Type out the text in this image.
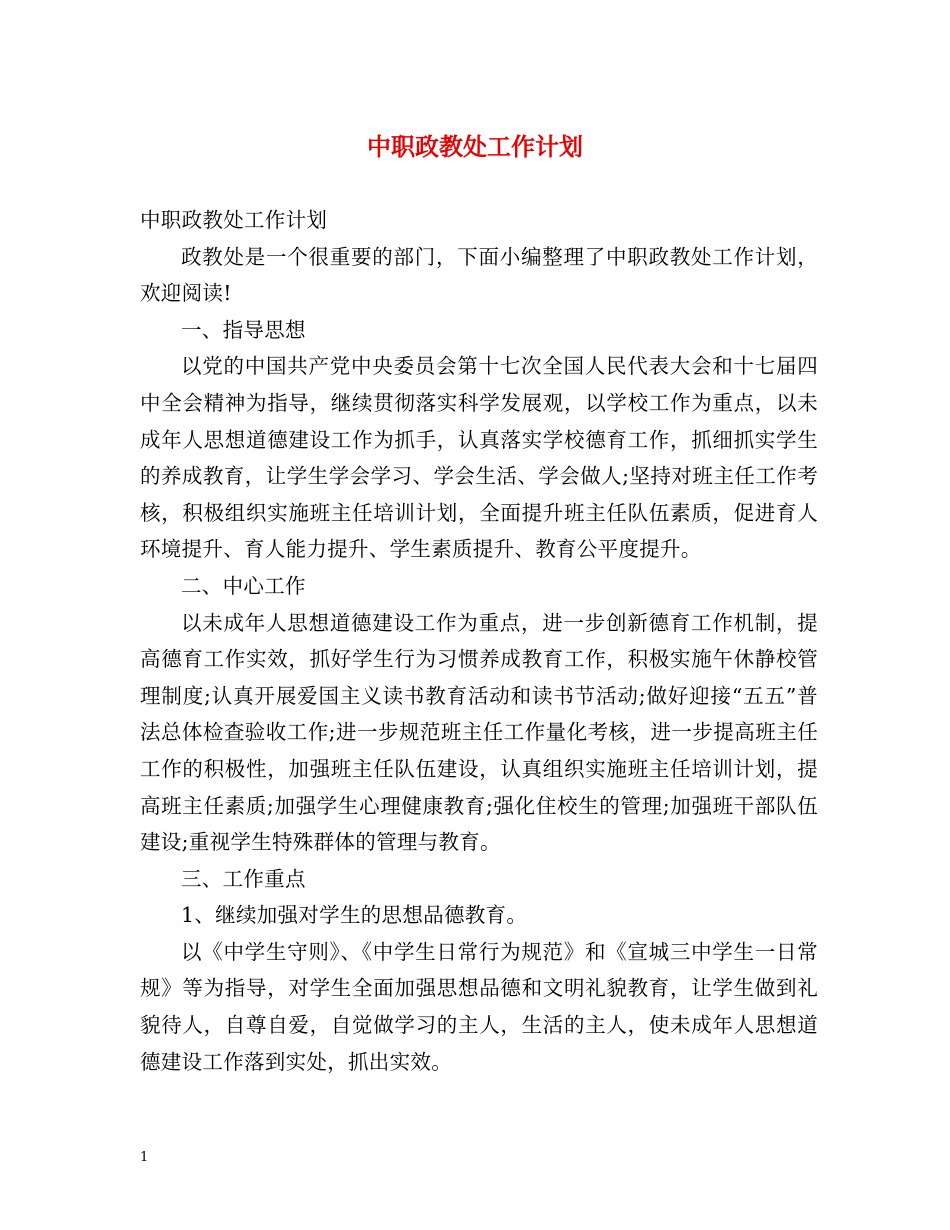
中职政教处工作计划

中职政教处工作计划

政教处是一个很重要的部门，下面小编整理了中职政教处工作计划，欢迎阅读!

一、指导思想

以党的中国共产党中央委员会第十七次全国人民代表大会和十七届四中全会精神为指导，继续贯彻落实科学发展观，以学校工作为重点，以未成年人思想道德建设工作为抓手，认真落实学校德育工作，抓细抓实学生的养成教育，让学生学会学习、学会生活、学会做人;坚持对班主任工作考核，积极组织实施班主任培训计划，全面提升班主任队伍素质，促进育人环境提升、育人能力提升、学生素质提升、教育公平度提升。

二、中心工作

以未成年人思想道德建设工作为重点，进一步创新德育工作机制，提高德育工作实效，抓好学生行为习惯养成教育工作，积极实施午休静校管理制度;认真开展爱国主义读书教育活动和读书节活动;做好迎接“五五”普法总体检查验收工作;进一步规范班主任工作量化考核，进一步提高班主任工作的积极性，加强班主任队伍建设，认真组织实施班主任培训计划，提高班主任素质;加强学生心理健康教育;强化住校生的管理;加强班干部队伍建设;重视学生特殊群体的管理与教育。

三、工作重点

1、继续加强对学生的思想品德教育。

以《中学生守则》、《中学生日常行为规范》和《宣城三中学生一日常规》等为指导，对学生全面加强思想品德和文明礼貌教育，让学生做到礼貌待人，自尊自爱，自觉做学习的主人，生活的主人，使未成年人思想道德建设工作落到实处，抓出实效。

1
